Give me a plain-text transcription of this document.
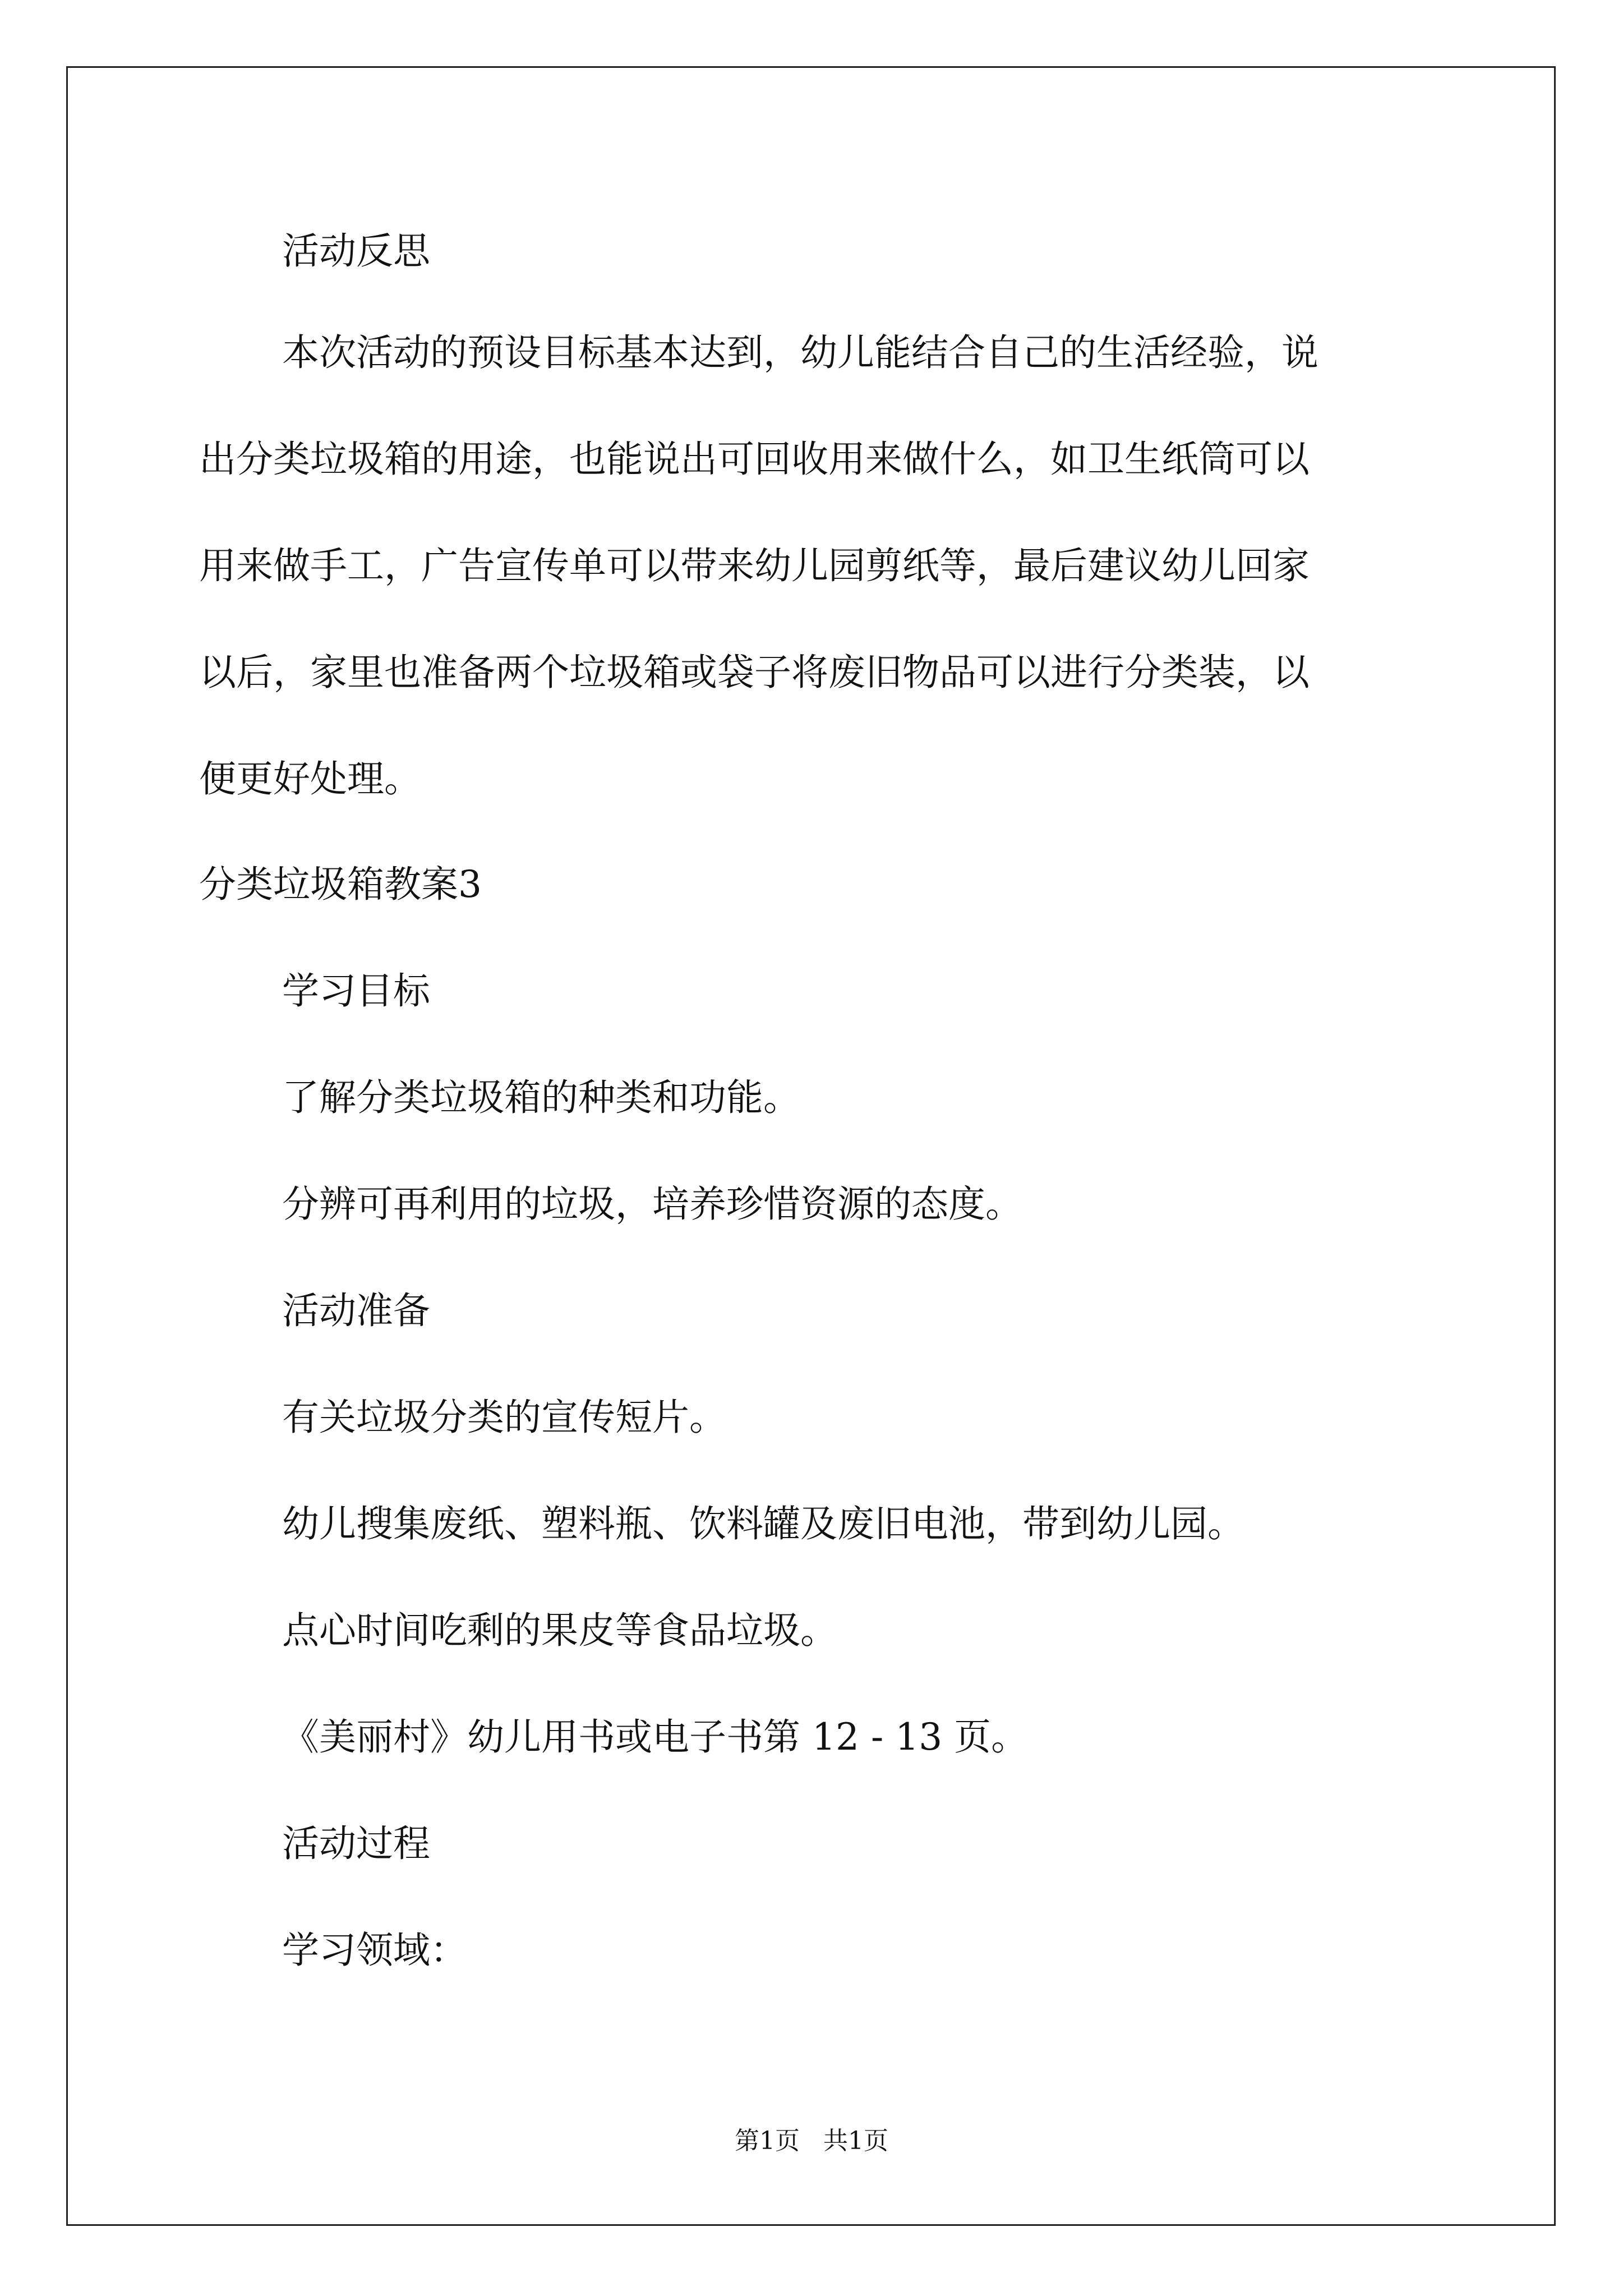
活动反思
本次活动的预设目标基本达到，幼儿能结合自己的生活经验，说
出分类垃圾箱的用途，也能说出可回收用来做什么，如卫生纸筒可以
用来做手工，广告宣传单可以带来幼儿园剪纸等，最后建议幼儿回家
以后，家里也准备两个垃圾箱或袋子将废旧物品可以进行分类装，以
便更好处理。
分类垃圾箱教案3
学习目标
了解分类垃圾箱的种类和功能。
分辨可再利用的垃圾，培养珍惜资源的态度。
活动准备
有关垃圾分类的宣传短片。
幼儿搜集废纸、塑料瓶、饮料罐及废旧电池，带到幼儿园。
点心时间吃剩的果皮等食品垃圾。
《美丽村》幼儿用书或电子书第 12 - 13 页。
活动过程
学习领域：
第1页   共1页
